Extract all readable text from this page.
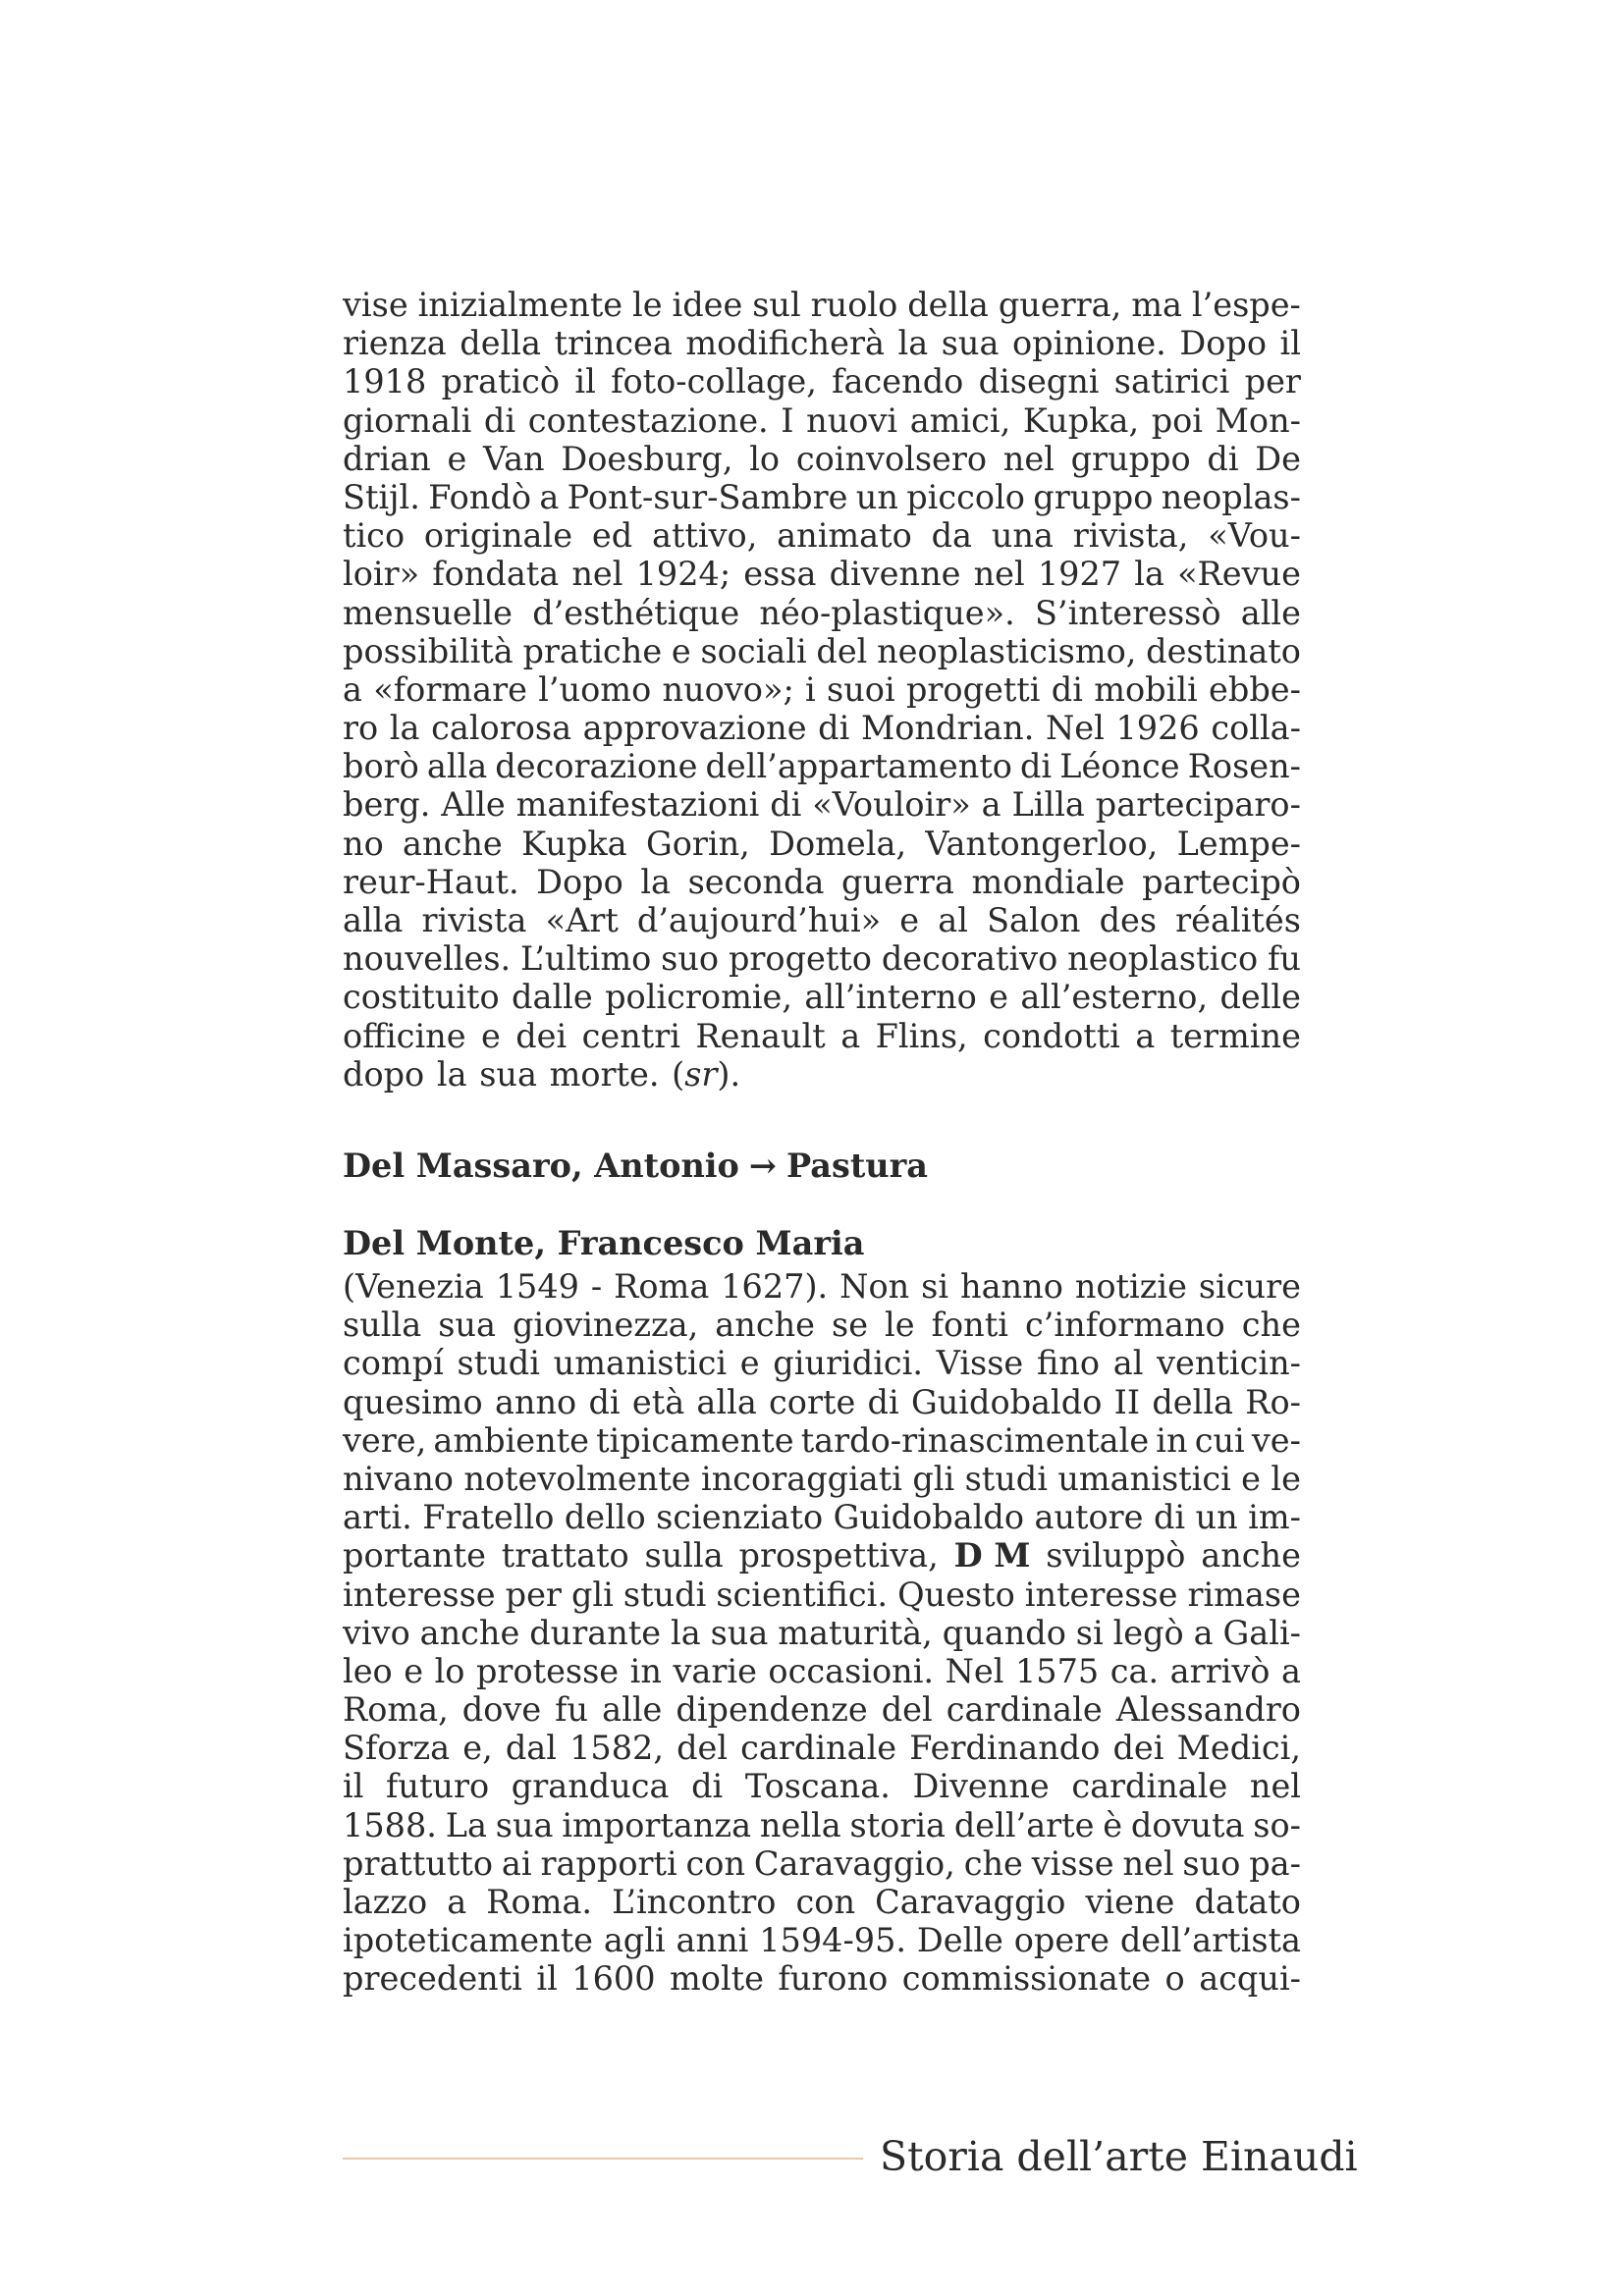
vise inizialmente le idee sul ruolo della guerra, ma l’espe-
rienza della trincea modificherà la sua opinione. Dopo il
1918 praticò il foto-collage, facendo disegni satirici per
giornali di contestazione. I nuovi amici, Kupka, poi Mon-
drian e Van Doesburg, lo coinvolsero nel gruppo di De
Stijl. Fondò a Pont-sur-Sambre un piccolo gruppo neoplas-
tico originale ed attivo, animato da una rivista, «Vou-
loir» fondata nel 1924; essa divenne nel 1927 la «Revue
mensuelle d’esthétique néo-plastique». S’interessò alle
possibilità pratiche e sociali del neoplasticismo, destinato
a «formare l’uomo nuovo»; i suoi progetti di mobili ebbe-
ro la calorosa approvazione di Mondrian. Nel 1926 colla-
borò alla decorazione dell’appartamento di Léonce Rosen-
berg. Alle manifestazioni di «Vouloir» a Lilla parteciparo-
no anche Kupka Gorin, Domela, Vantongerloo, Lempe-
reur-Haut. Dopo la seconda guerra mondiale partecipò
alla rivista «Art d’aujourd’hui» e al Salon des réalités
nouvelles. L’ultimo suo progetto decorativo neoplastico fu
costituito dalle policromie, all’interno e all’esterno, delle
officine e dei centri Renault a Flins, condotti a termine
dopo la sua morte. ( sr ).
Del Massaro, Antonio → Pastura
Del Monte, Francesco Maria
(Venezia 1549 - Roma 1627). Non si hanno notizie sicure
sulla sua giovinezza, anche se le fonti c’informano che
compí studi umanistici e giuridici. Visse fino al venticin-
quesimo anno di età alla corte di Guidobaldo II della Ro-
vere, ambiente tipicamente tardo-rinascimentale in cui ve-
nivano notevolmente incoraggiati gli studi umanistici e le
arti. Fratello dello scienziato Guidobaldo autore di un im-
portante trattato sulla prospettiva, D M sviluppò anche
interesse per gli studi scientifici. Questo interesse rimase
vivo anche durante la sua maturità, quando si legò a Gali-
leo e lo protesse in varie occasioni. Nel 1575 ca. arrivò a
Roma, dove fu alle dipendenze del cardinale Alessandro
Sforza e, dal 1582, del cardinale Ferdinando dei Medici,
il futuro granduca di Toscana. Divenne cardinale nel
1588. La sua importanza nella storia dell’arte è dovuta so-
prattutto ai rapporti con Caravaggio, che visse nel suo pa-
lazzo a Roma. L’incontro con Caravaggio viene datato
ipoteticamente agli anni 1594-95. Delle opere dell’artista
precedenti il 1600 molte furono commissionate o acqui-
Storia dell’arte Einaudi
